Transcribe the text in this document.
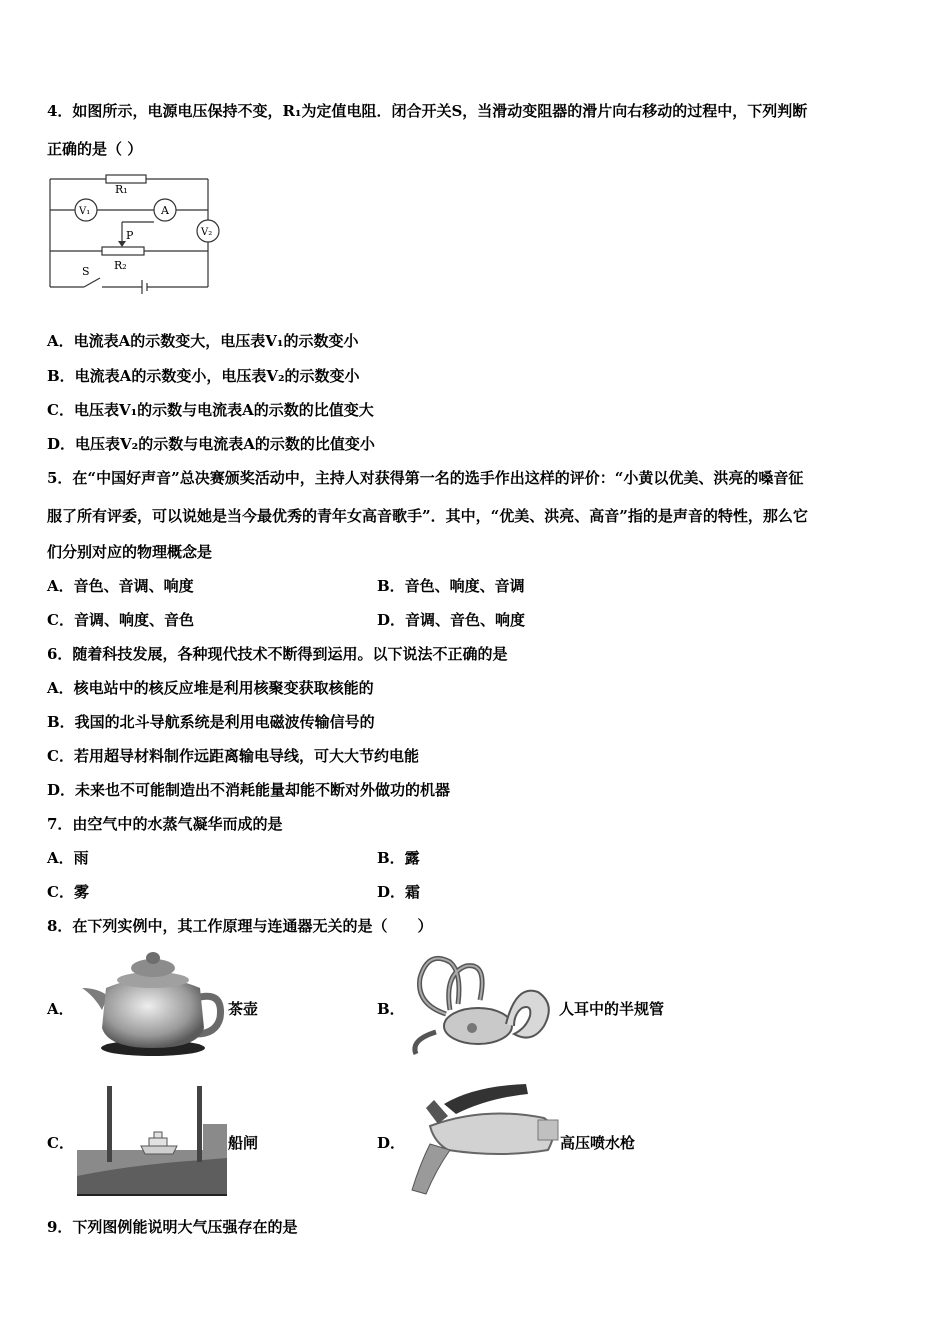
4．如图所示，电源电压保持不变，R₁为定值电阻．闭合开关S，当滑动变阻器的滑片向右移动的过程中，下列判断
正确的是（ ）
R₁
V₁	A
V₂
P
R₂
S
A．电流表A的示数变大，电压表V₁的示数变小
B．电流表A的示数变小，电压表V₂的示数变小
C．电压表V₁的示数与电流表A的示数的比值变大
D．电压表V₂的示数与电流表A的示数的比值变小
5．在“中国好声音”总决赛颁奖活动中，主持人对获得第一名的选手作出这样的评价：“小黄以优美、洪亮的嗓音征
服了所有评委，可以说她是当今最优秀的青年女高音歌手”．其中，“优美、洪亮、高音”指的是声音的特性，那么它
们分别对应的物理概念是
A．音色、音调、响度	B．音色、响度、音调
C．音调、响度、音色	D．音调、音色、响度
6．随着科技发展，各种现代技术不断得到运用。以下说法不正确的是
A．核电站中的核反应堆是利用核聚变获取核能的
B．我国的北斗导航系统是利用电磁波传输信号的
C．若用超导材料制作远距离输电导线，可大大节约电能
D．未来也不可能制造出不消耗能量却能不断对外做功的机器
7．由空气中的水蒸气凝华而成的是
A．雨	B．露
C．雾	D．霜
8．在下列实例中，其工作原理与连通器无关的是（　　）
A．	茶壶	B．	人耳中的半规管
C．	船闸	D．	高压喷水枪
9．下列图例能说明大气压强存在的是
